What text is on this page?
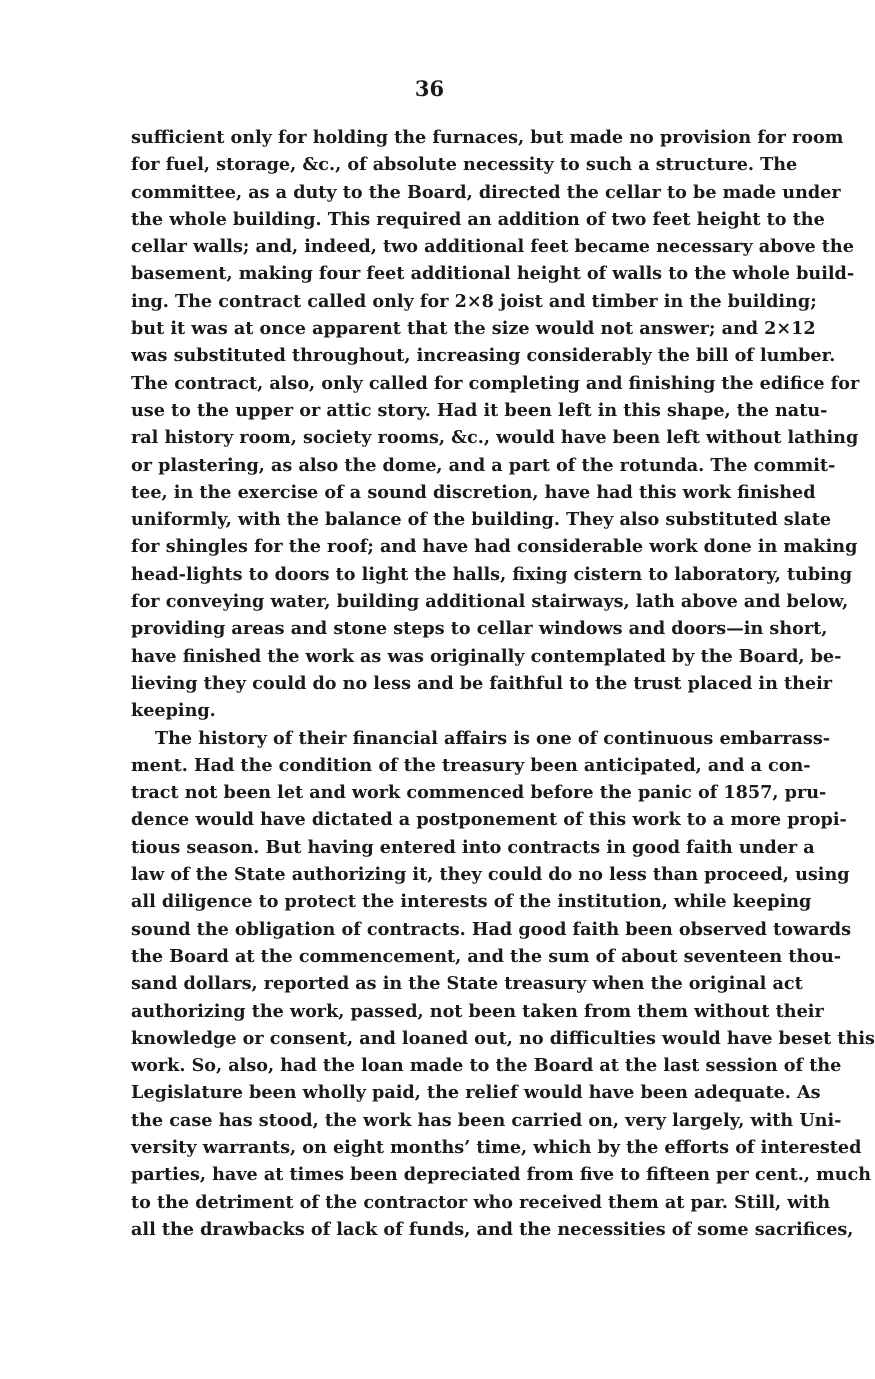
36
sufficient only for holding the furnaces, but made no provision for room
for fuel, storage, &c., of absolute necessity to such a structure. The
committee, as a duty to the Board, directed the cellar to be made under
the whole building. This required an addition of two feet height to the
cellar walls; and, indeed, two additional feet became necessary above the
basement, making four feet additional height of walls to the whole build-
ing. The contract called only for 2×8 joist and timber in the building;
but it was at once apparent that the size would not answer; and 2×12
was substituted throughout, increasing considerably the bill of lumber.
The contract, also, only called for completing and finishing the edifice for
use to the upper or attic story. Had it been left in this shape, the natu-
ral history room, society rooms, &c., would have been left without lathing
or plastering, as also the dome, and a part of the rotunda. The commit-
tee, in the exercise of a sound discretion, have had this work finished
uniformly, with the balance of the building. They also substituted slate
for shingles for the roof; and have had considerable work done in making
head-lights to doors to light the halls, fixing cistern to laboratory, tubing
for conveying water, building additional stairways, lath above and below,
providing areas and stone steps to cellar windows and doors—in short,
have finished the work as was originally contemplated by the Board, be-
lieving they could do no less and be faithful to the trust placed in their
keeping.
The history of their financial affairs is one of continuous embarrass-
ment. Had the condition of the treasury been anticipated, and a con-
tract not been let and work commenced before the panic of 1857, pru-
dence would have dictated a postponement of this work to a more propi-
tious season. But having entered into contracts in good faith under a
law of the State authorizing it, they could do no less than proceed, using
all diligence to protect the interests of the institution, while keeping
sound the obligation of contracts. Had good faith been observed towards
the Board at the commencement, and the sum of about seventeen thou-
sand dollars, reported as in the State treasury when the original act
authorizing the work, passed, not been taken from them without their
knowledge or consent, and loaned out, no difficulties would have beset this
work. So, also, had the loan made to the Board at the last session of the
Legislature been wholly paid, the relief would have been adequate. As
the case has stood, the work has been carried on, very largely, with Uni-
versity warrants, on eight months’ time, which by the efforts of interested
parties, have at times been depreciated from five to fifteen per cent., much
to the detriment of the contractor who received them at par. Still, with
all the drawbacks of lack of funds, and the necessities of some sacrifices,
